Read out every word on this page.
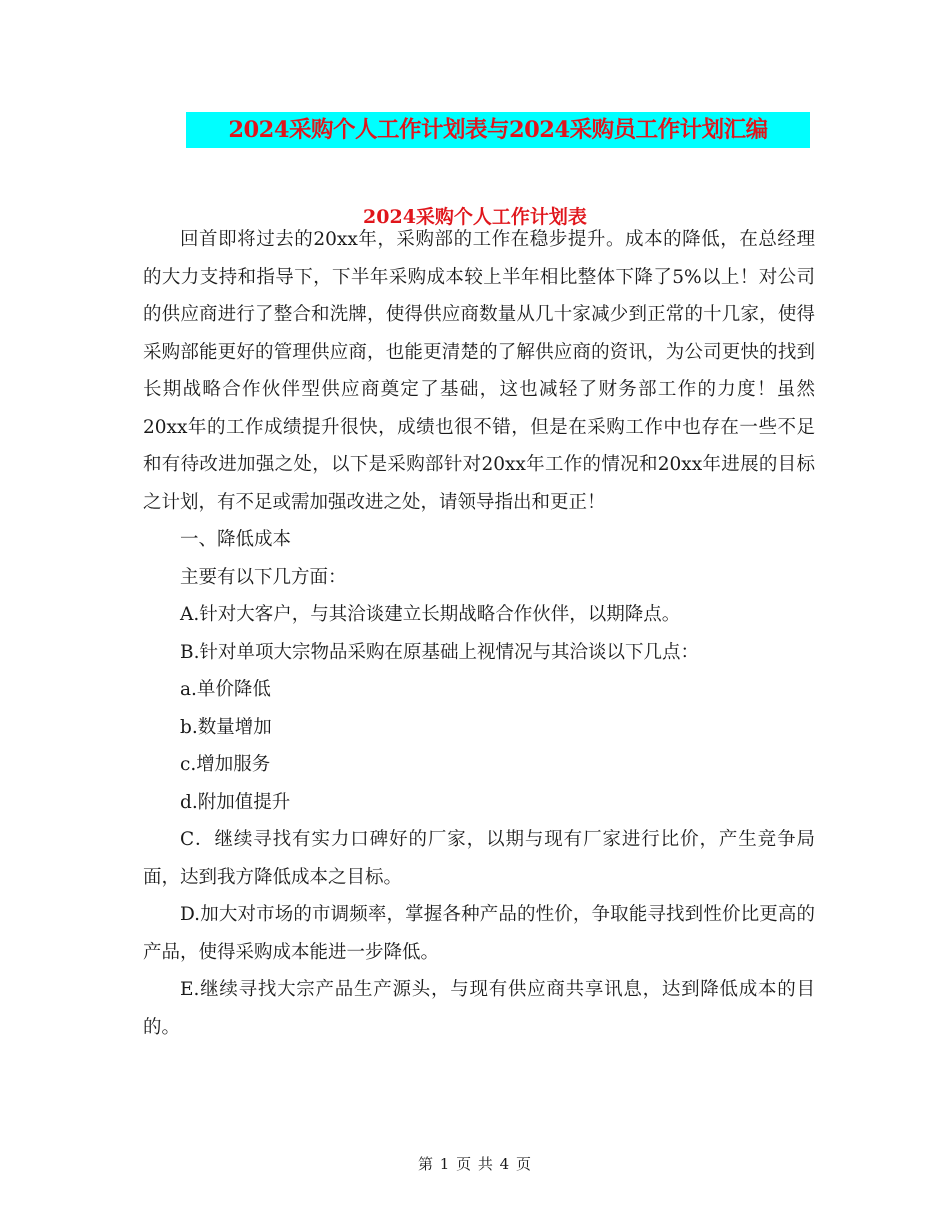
2024采购个人工作计划表与2024采购员工作计划汇编
2024采购个人工作计划表

回首即将过去的20xx年，采购部的工作在稳步提升。成本的降低，在总经理的大力支持和指导下，下半年采购成本较上半年相比整体下降了5%以上！对公司的供应商进行了整合和洗牌，使得供应商数量从几十家减少到正常的十几家，使得采购部能更好的管理供应商，也能更清楚的了解供应商的资讯，为公司更快的找到长期战略合作伙伴型供应商奠定了基础，这也减轻了财务部工作的力度！虽然20xx年的工作成绩提升很快，成绩也很不错，但是在采购工作中也存在一些不足和有待改进加强之处，以下是采购部针对20xx年工作的情况和20xx年进展的目标之计划，有不足或需加强改进之处，请领导指出和更正！

一、降低成本

主要有以下几方面：

A.针对大客户，与其洽谈建立长期战略合作伙伴，以期降点。

B.针对单项大宗物品采购在原基础上视情况与其洽谈以下几点：

a.单价降低

b.数量增加

c.增加服务

d.附加值提升

C．继续寻找有实力口碑好的厂家，以期与现有厂家进行比价，产生竞争局面，达到我方降低成本之目标。

D.加大对市场的市调频率，掌握各种产品的性价，争取能寻找到性价比更高的产品，使得采购成本能进一步降低。

E.继续寻找大宗产品生产源头，与现有供应商共享讯息，达到降低成本的目的。

第 1 页 共 4 页
